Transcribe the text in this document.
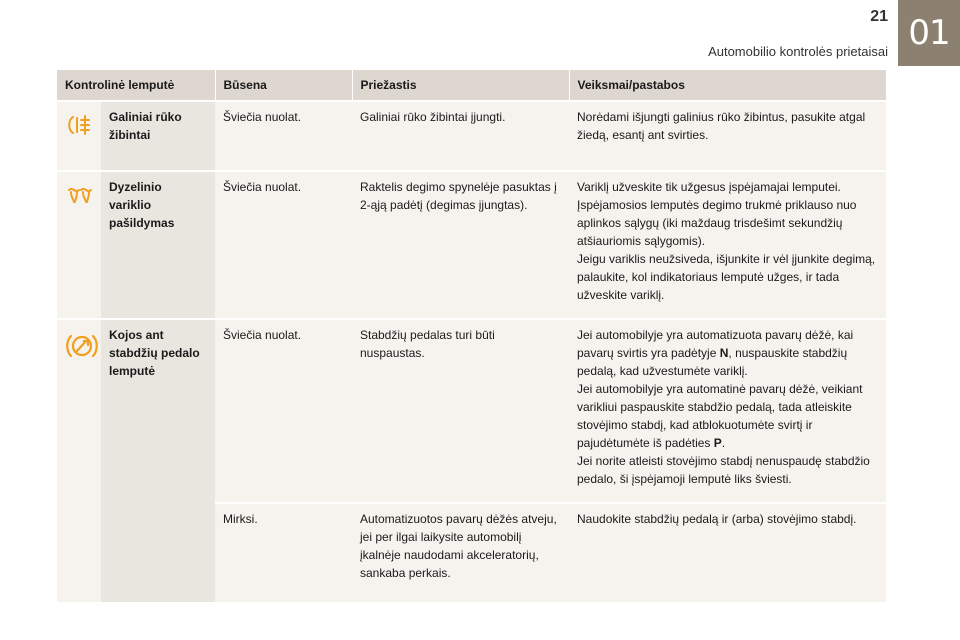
21
Automobilio kontrolės prietaisai 01
Kontrolinė lemputė		Būsena	Priežastis	Veiksmai/pastabos

	Galiniai rūko žibintai	Šviečia nuolat.	Galiniai rūko žibintai įjungti.	Norėdami išjungti galinius rūko žibintus, pasukite atgal žiedą, esantį ant svirties.

	Dyzelinio variklio pašildymas	Šviečia nuolat.	Raktelis degimo spynelėje pasuktas į 2-ąją padėtį (degimas įjungtas).	Variklį užveskite tik užgesus įspėjamajai lemputei.
Įspėjamosios lemputės degimo trukmė priklauso nuo aplinkos sąlygų (iki maždaug trisdešimt sekundžių atšiauriomis sąlygomis).
Jeigu variklis neužsiveda, išjunkite ir vėl įjunkite degimą, palaukite, kol indikatoriaus lemputė užges, ir tada užveskite variklį.

	Kojos ant stabdžių pedalo lemputė	Šviečia nuolat.	Stabdžių pedalas turi būti nuspaustas.	Jei automobilyje yra automatizuota pavarų dėžė, kai pavarų svirtis yra padėtyje N, nuspauskite stabdžių pedalą, kad užvestumėte variklį.
Jei automobilyje yra automatinė pavarų dėžė, veikiant varikliui paspauskite stabdžio pedalą, tada atleiskite stovėjimo stabdį, kad atblokuotumėte svirtį ir pajudėtumėte iš padėties P.
Jei norite atleisti stovėjimo stabdį nenuspaudę stabdžio pedalo, ši įspėjamoji lemputė liks šviesti.

		Mirksi.	Automatizuotos pavarų dėžės atveju, jei per ilgai laikysite automobilį įkalnėje naudodami akceleratorių, sankaba perkais.	Naudokite stabdžių pedalą ir (arba) stovėjimo stabdį.
